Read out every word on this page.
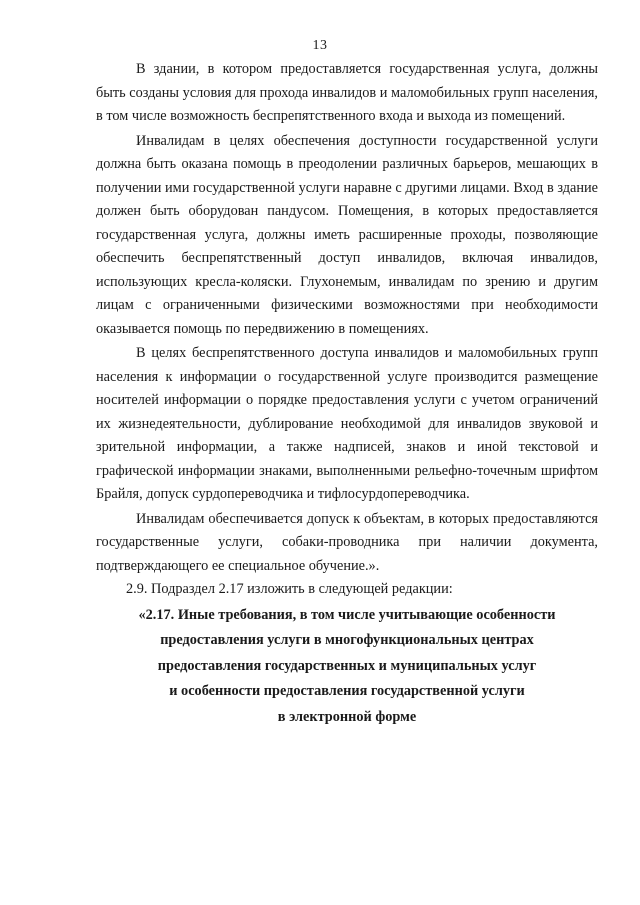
13

В здании, в котором предоставляется государственная услуга, должны быть созданы условия для прохода инвалидов и маломобильных групп населения, в том числе возможность беспрепятственного входа и выхода из помещений.

Инвалидам в целях обеспечения доступности государственной услуги должна быть оказана помощь в преодолении различных барьеров, мешающих в получении ими государственной услуги наравне с другими лицами. Вход в здание должен быть оборудован пандусом. Помещения, в которых предоставляется государственная услуга, должны иметь расширенные проходы, позволяющие обеспечить беспрепятственный доступ инвалидов, включая инвалидов, использующих кресла-коляски. Глухонемым, инвалидам по зрению и другим лицам с ограниченными физическими возможностями при необходимости оказывается помощь по передвижению в помещениях.

В целях беспрепятственного доступа инвалидов и маломобильных групп населения к информации о государственной услуге производится размещение носителей информации о порядке предоставления услуги с учетом ограничений их жизнедеятельности, дублирование необходимой для инвалидов звуковой и зрительной информации, а также надписей, знаков и иной текстовой и графической информации знаками, выполненными рельефно-точечным шрифтом Брайля, допуск сурдопереводчика и тифлосурдопереводчика.

Инвалидам обеспечивается допуск к объектам, в которых предоставляются государственные услуги, собаки-проводника при наличии документа, подтверждающего ее специальное обучение.».

2.9. Подраздел 2.17 изложить в следующей редакции:

«2.17. Иные требования, в том числе учитывающие особенности

предоставления услуги в многофункциональных центрах

предоставления государственных и муниципальных услуг

и особенности предоставления государственной услуги

в электронной форме
